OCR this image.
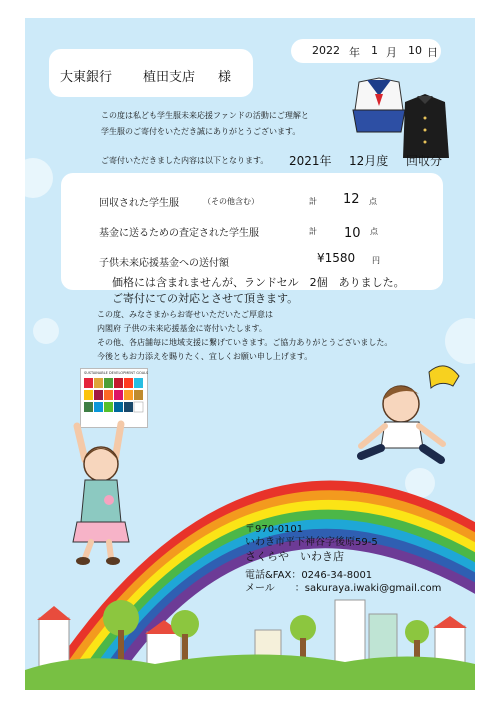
2022 年 1 月 10 日
大東銀行 植田支店 様
この度は私ども学生服未来応援ファンドの活動にご理解と
学生服のご寄付をいただき誠にありがとうございます。
ご寄付いただきました内容は以下となります。 2021年 12月度 回収分
回収された学生服	（その他含む）	計 12 点
基金に送るための査定された学生服	計 10 点
子供未来応援基金への送付額	¥1580 円
価格には含まれませんが、ランドセル　2個　ありました。
ご寄付にての対応とさせて頂きます。
この度、みなさまからお寄せいただいたご厚意は
内閣府 子供の未来応援基金に寄付いたします。
その他、各店舗毎に地域支援に繋げていきます。ご協力ありがとうございました。
今後ともお力添えを賜りたく、宜しくお願い申し上げます。
SUSTAINABLE DEVELOPMENT GOALS
〒970-0101
いわき市平下神谷字後原59-5
さくらや　いわき店
電話&FAX：0246-34-8001
メール　　：sakuraya.iwaki@gmail.com
